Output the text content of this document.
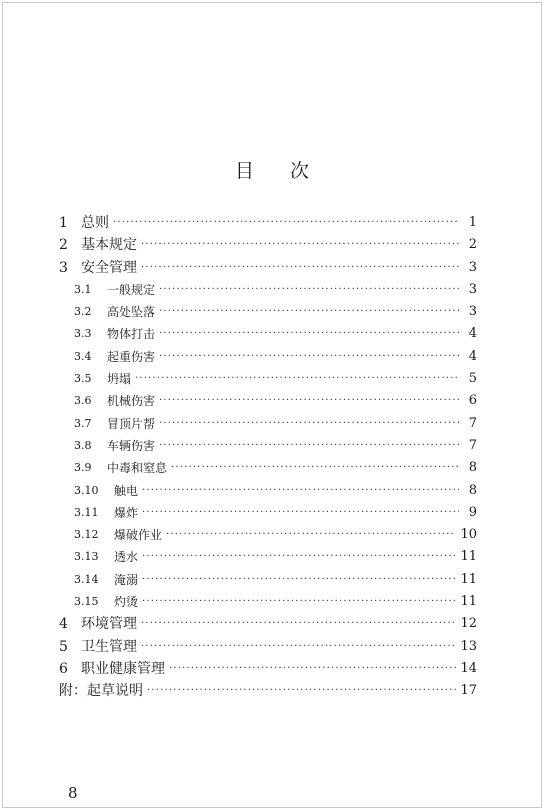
目 次
1 总则 ·····	1
2 基本规定 ·····	2
3 安全管理 ·····	3
3.1	一般规定 ·····	3
3.2	高处坠落 ·····	3
3.3	物体打击 ·····	4
3.4	起重伤害 ·····	4
3.5	坍塌 ·····	5
3.6	机械伤害 ·····	6
3.7	冒顶片帮 ·····	7
3.8	车辆伤害 ·····	7
3.9	中毒和窒息 ·····	8
3.10	触电 ·····	8
3.11	爆炸 ·····	9
3.12	爆破作业 ·····	10
3.13	透水 ·····	11
3.14	淹溺 ·····	11
3.15	灼烫 ·····	11
4 环境管理 ·····	12
5 卫生管理 ·····	13
6 职业健康管理 ·····	14
附：起草说明 ·····	17
8
